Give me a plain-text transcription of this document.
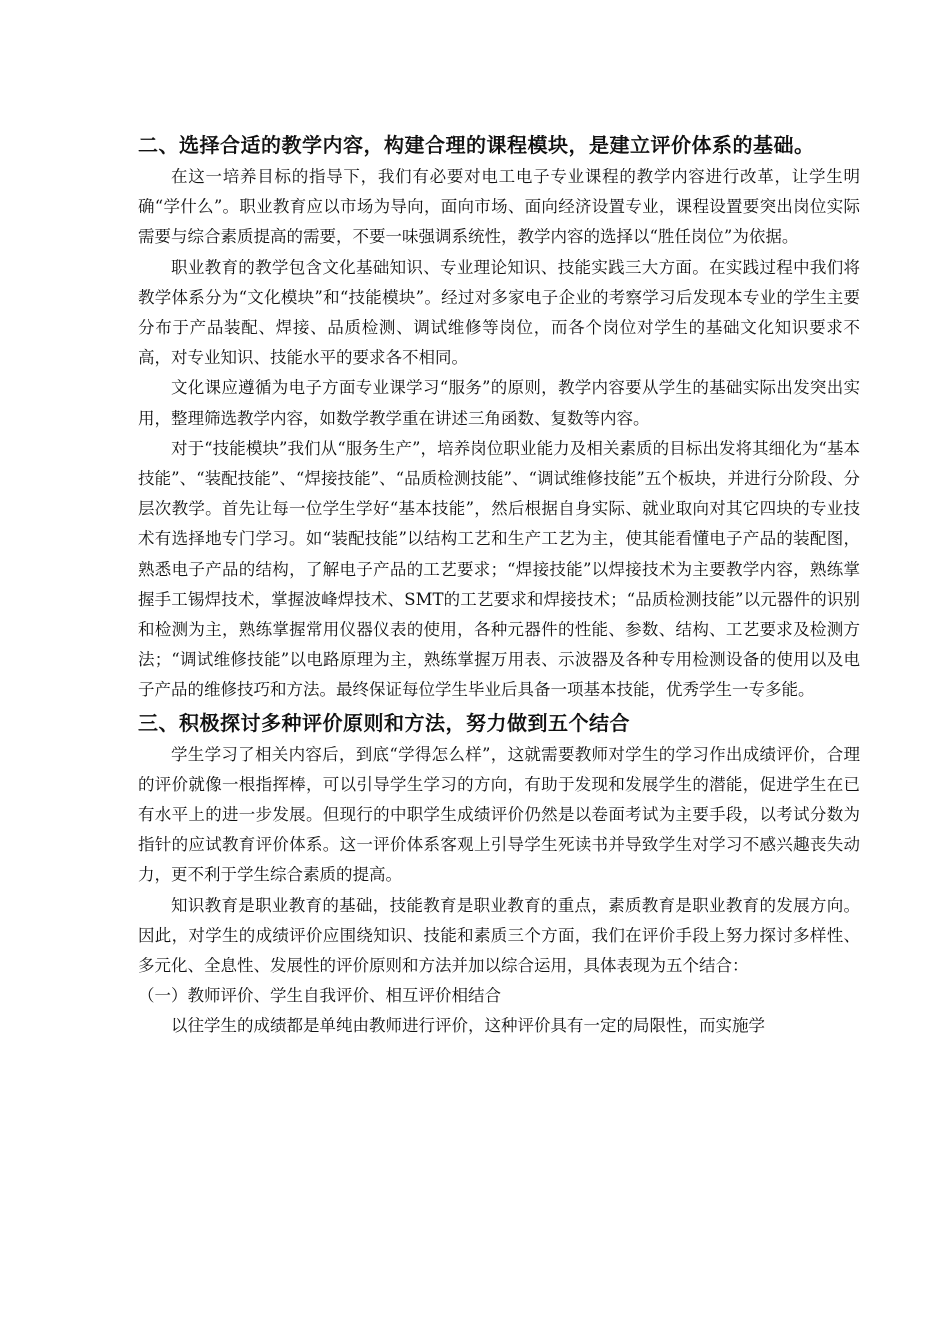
二、选择合适的教学内容，构建合理的课程模块，是建立评价体系的基础。

在这一培养目标的指导下，我们有必要对电工电子专业课程的教学内容进行改革，让学生明确“学什么”。职业教育应以市场为导向，面向市场、面向经济设置专业，课程设置要突出岗位实际需要与综合素质提高的需要，不要一味强调系统性，教学内容的选择以“胜任岗位”为依据。

职业教育的教学包含文化基础知识、专业理论知识、技能实践三大方面。在实践过程中我们将教学体系分为“文化模块”和“技能模块”。经过对多家电子企业的考察学习后发现本专业的学生主要分布于产品装配、焊接、品质检测、调试维修等岗位，而各个岗位对学生的基础文化知识要求不高，对专业知识、技能水平的要求各不相同。

文化课应遵循为电子方面专业课学习“服务”的原则，教学内容要从学生的基础实际出发突出实用，整理筛选教学内容，如数学教学重在讲述三角函数、复数等内容。

对于“技能模块”我们从“服务生产”，培养岗位职业能力及相关素质的目标出发将其细化为“基本技能”、“装配技能”、“焊接技能”、“品质检测技能”、“调试维修技能”五个板块，并进行分阶段、分层次教学。首先让每一位学生学好“基本技能”，然后根据自身实际、就业取向对其它四块的专业技术有选择地专门学习。如“装配技能”以结构工艺和生产工艺为主，使其能看懂电子产品的装配图，熟悉电子产品的结构，了解电子产品的工艺要求；“焊接技能”以焊接技术为主要教学内容，熟练掌握手工锡焊技术，掌握波峰焊技术、SMT的工艺要求和焊接技术；“品质检测技能”以元器件的识别和检测为主，熟练掌握常用仪器仪表的使用，各种元器件的性能、参数、结构、工艺要求及检测方法；“调试维修技能”以电路原理为主，熟练掌握万用表、示波器及各种专用检测设备的使用以及电子产品的维修技巧和方法。最终保证每位学生毕业后具备一项基本技能，优秀学生一专多能。

三、积极探讨多种评价原则和方法，努力做到五个结合

学生学习了相关内容后，到底“学得怎么样”，这就需要教师对学生的学习作出成绩评价，合理的评价就像一根指挥棒，可以引导学生学习的方向，有助于发现和发展学生的潜能，促进学生在已有水平上的进一步发展。但现行的中职学生成绩评价仍然是以卷面考试为主要手段，以考试分数为指针的应试教育评价体系。这一评价体系客观上引导学生死读书并导致学生对学习不感兴趣丧失动力，更不利于学生综合素质的提高。

知识教育是职业教育的基础，技能教育是职业教育的重点，素质教育是职业教育的发展方向。因此，对学生的成绩评价应围绕知识、技能和素质三个方面，我们在评价手段上努力探讨多样性、多元化、全息性、发展性的评价原则和方法并加以综合运用，具体表现为五个结合：

（一）教师评价、学生自我评价、相互评价相结合

以往学生的成绩都是单纯由教师进行评价，这种评价具有一定的局限性，而实施学
